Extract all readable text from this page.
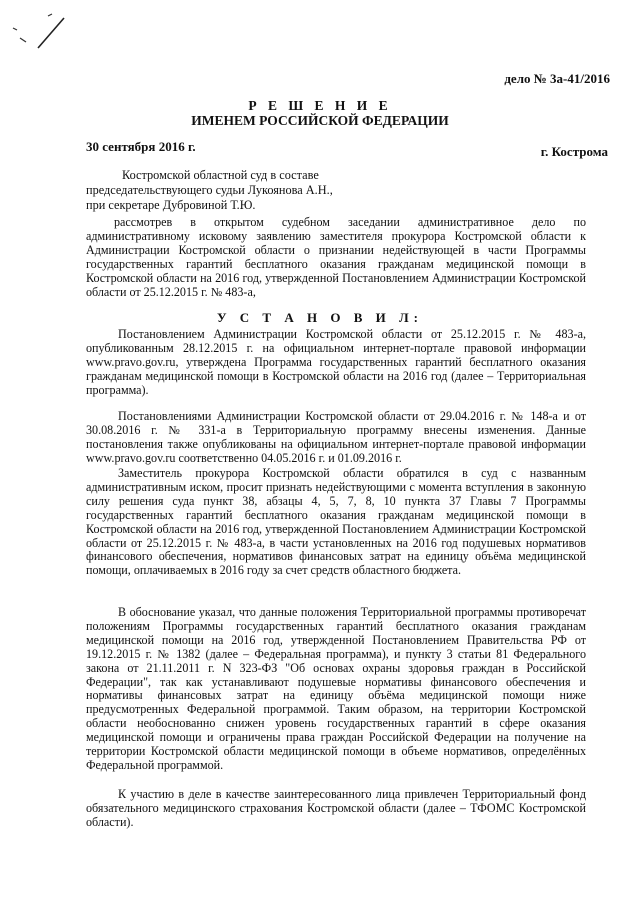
дело № 3а-41/2016
Р Е Ш Е Н И Е
ИМЕНЕМ РОССИЙСКОЙ ФЕДЕРАЦИИ
30 сентября 2016 г.	г. Кострома
Костромской областной суд в составе
председательствующего судьи Лукоянова А.Н.,
при секретаре Дубровиной Т.Ю.

рассмотрев в открытом судебном заседании административное дело по административному исковому заявлению заместителя прокурора Костромской области к Администрации Костромской области о признании недействующей в части Программы государственных гарантий бесплатного оказания гражданам медицинской помощи в Костромской области на 2016 год, утвержденной Постановлением Администрации Костромской области от 25.12.2015 г. № 483-а,

У С Т А Н О В И Л:

Постановлением Администрации Костромской области от 25.12.2015 г. № 483-а, опубликованным 28.12.2015 г. на официальном интернет-портале правовой информации www.pravo.gov.ru, утверждена Программа государственных гарантий бесплатного оказания гражданам медицинской помощи в Костромской области на 2016 год (далее – Территориальная программа).

Постановлениями Администрации Костромской области от 29.04.2016 г. № 148-а и от 30.08.2016 г. № 331-а в Территориальную программу внесены изменения. Данные постановления также опубликованы на официальном интернет-портале правовой информации www.pravo.gov.ru соответственно 04.05.2016 г. и 01.09.2016 г.

Заместитель прокурора Костромской области обратился в суд с названным административным иском, просит признать недействующими с момента вступления в законную силу решения суда пункт 38, абзацы 4, 5, 7, 8, 10 пункта 37 Главы 7 Программы государственных гарантий бесплатного оказания гражданам медицинской помощи в Костромской области на 2016 год, утвержденной Постановлением Администрации Костромской области от 25.12.2015 г. № 483-а, в части установленных на 2016 год подушевых нормативов финансового обеспечения, нормативов финансовых затрат на единицу объёма медицинской помощи, оплачиваемых в 2016 году за счет средств областного бюджета.

В обоснование указал, что данные положения Территориальной программы противоречат положениям Программы государственных гарантий бесплатного оказания гражданам медицинской помощи на 2016 год, утвержденной Постановлением Правительства РФ от 19.12.2015 г. № 1382 (далее – Федеральная программа), и пункту 3 статьи 81 Федерального закона от 21.11.2011 г. N 323-ФЗ "Об основах охраны здоровья граждан в Российской Федерации", так как устанавливают подушевые нормативы финансового обеспечения и нормативы финансовых затрат на единицу объёма медицинской помощи ниже предусмотренных Федеральной программой. Таким образом, на территории Костромской области необоснованно снижен уровень государственных гарантий в сфере оказания медицинской помощи и ограничены права граждан Российской Федерации на получение на территории Костромской области медицинской помощи в объеме нормативов, определённых Федеральной программой.

К участию в деле в качестве заинтересованного лица привлечен Территориальный фонд обязательного медицинского страхования Костромской области (далее – ТФОМС Костромской области).
